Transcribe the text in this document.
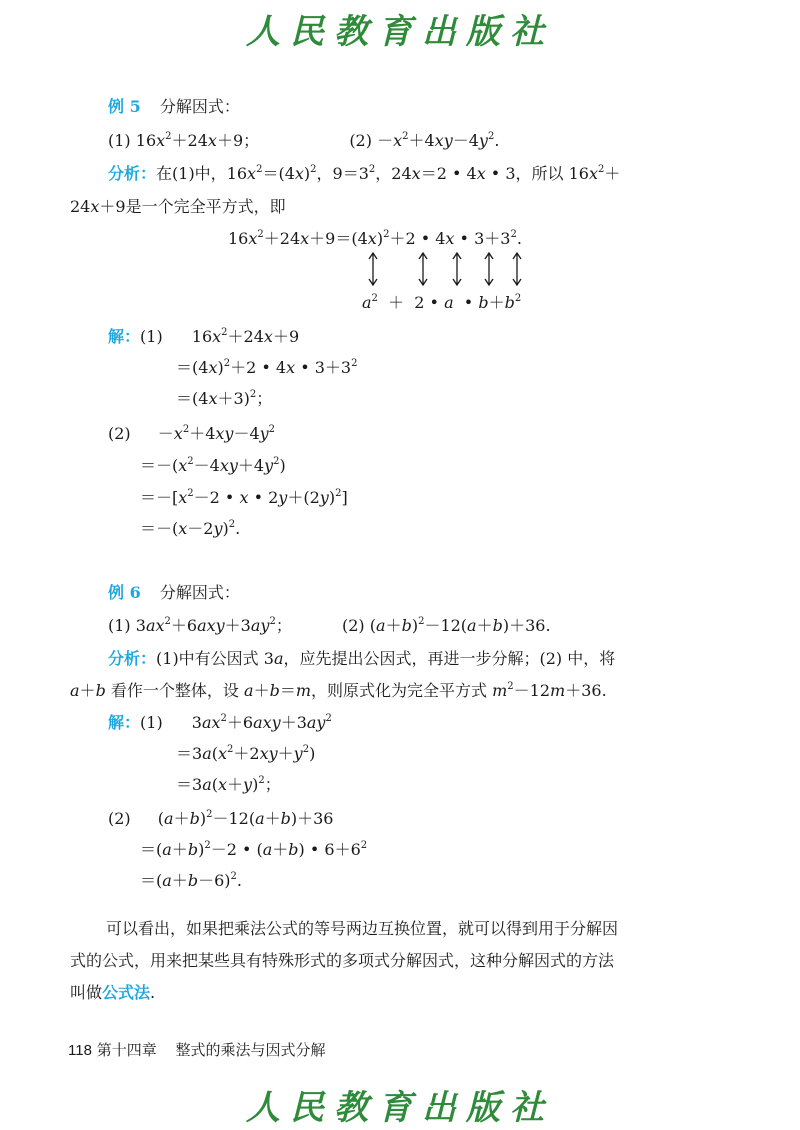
人民教育出版社
例 5 分解因式：
(1) $16x^2+24x+9$；	$(2) -x^2+4xy-4y^2$.
分析：在(1)中，$16x^2=(4x)^2$，$9=3^2$，24x＝2 • 4x • 3，所以 $16x^2+$
24x＋9是一个完全平方式，即
$16x^2+24x+9=(4x)^2+2$ • 4x • $3+3^2$.
$a^2 + 2$ • a  • $b+b^2$
解：(1) $16x^2+24x+9$
$=(4x)^2+2$ • 4x • $3+3^2$
$=(4x+3)^2$；
$(2) -x^2+4xy-4y^2$
$=-(x^2-4xy+4y^2)$
$=-[x^2-2$ • x • $2y+(2y)^2$]
$=-(x-2y)^2$.
例 6 分解因式：
(1) $3ax^2+6axy+3ay^2$；	(2) $(a+b)^2-12(a+b)+36$.
分析：(1)中有公因式 3a，应先提出公因式，再进一步分解；(2) 中，将
a＋b 看作一个整体，设 a＋b＝m，则原式化为完全平方式 $m^2-12m+36$.
解：(1) $3ax^2+6axy+3ay^2$
$=3a(x^2+2xy+y^2)$
$=3a(x+y)^2$；
(2) $(a+b)^2-12(a+b)+36$
$=(a+b)^2-2$ • (a＋b) • $6+6^2$
$=(a+b-6)^2$.
可以看出，如果把乘法公式的等号两边互换位置，就可以得到用于分解因
式的公式，用来把某些具有特殊形式的多项式分解因式，这种分解因式的方法
叫做公式法.
118 第十四章 整式的乘法与因式分解
人民教育出版社
